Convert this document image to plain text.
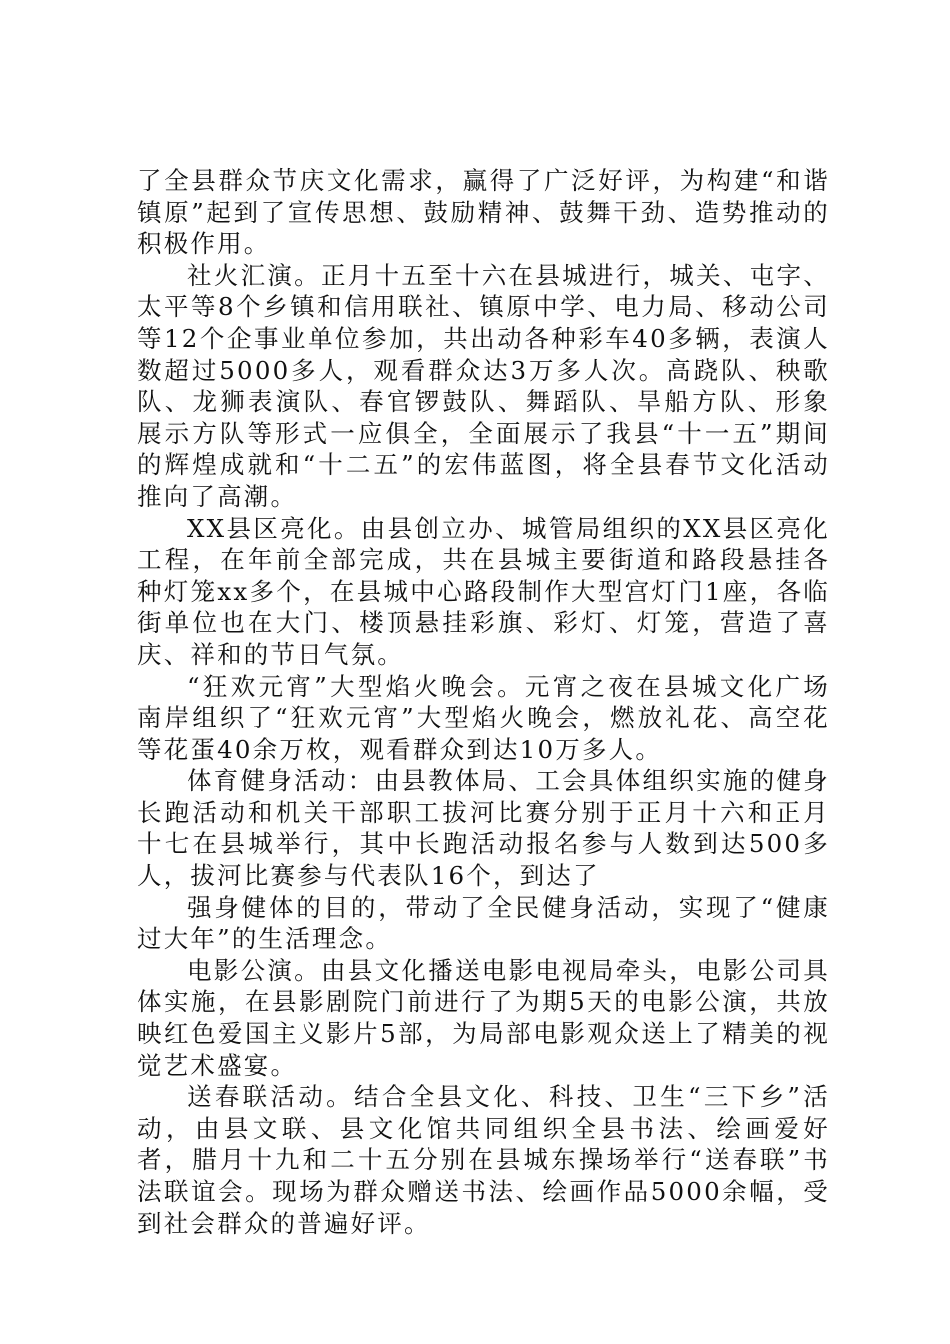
了全县群众节庆文化需求，赢得了广泛好评，为构建“和谐镇原”起到了宣传思想、鼓励精神、鼓舞干劲、造势推动的积极作用。

社火汇演。正月十五至十六在县城进行，城关、屯字、太平等8个乡镇和信用联社、镇原中学、电力局、移动公司等12个企事业单位参加，共出动各种彩车40多辆，表演人数超过5000多人，观看群众达3万多人次。高跷队、秧歌队、龙狮表演队、春官锣鼓队、舞蹈队、旱船方队、形象展示方队等形式一应俱全，全面展示了我县“十一五”期间的辉煌成就和“十二五”的宏伟蓝图，将全县春节文化活动推向了高潮。

XX县区亮化。由县创立办、城管局组织的XX县区亮化工程，在年前全部完成，共在县城主要街道和路段悬挂各种灯笼xx多个，在县城中心路段制作大型宫灯门1座，各临街单位也在大门、楼顶悬挂彩旗、彩灯、灯笼，营造了喜庆、祥和的节日气氛。

“狂欢元宵”大型焰火晚会。元宵之夜在县城文化广场南岸组织了“狂欢元宵”大型焰火晚会，燃放礼花、高空花等花蛋40余万枚，观看群众到达10万多人。

体育健身活动：由县教体局、工会具体组织实施的健身长跑活动和机关干部职工拔河比赛分别于正月十六和正月十七在县城举行，其中长跑活动报名参与人数到达500多人，拔河比赛参与代表队16个，到达了

强身健体的目的，带动了全民健身活动，实现了“健康过大年”的生活理念。

电影公演。由县文化播送电影电视局牵头，电影公司具体实施，在县影剧院门前进行了为期5天的电影公演，共放映红色爱国主义影片5部，为局部电影观众送上了精美的视觉艺术盛宴。

送春联活动。结合全县文化、科技、卫生“三下乡”活动，由县文联、县文化馆共同组织全县书法、绘画爱好者，腊月十九和二十五分别在县城东操场举行“送春联”书法联谊会。现场为群众赠送书法、绘画作品5000余幅，受到社会群众的普遍好评。
